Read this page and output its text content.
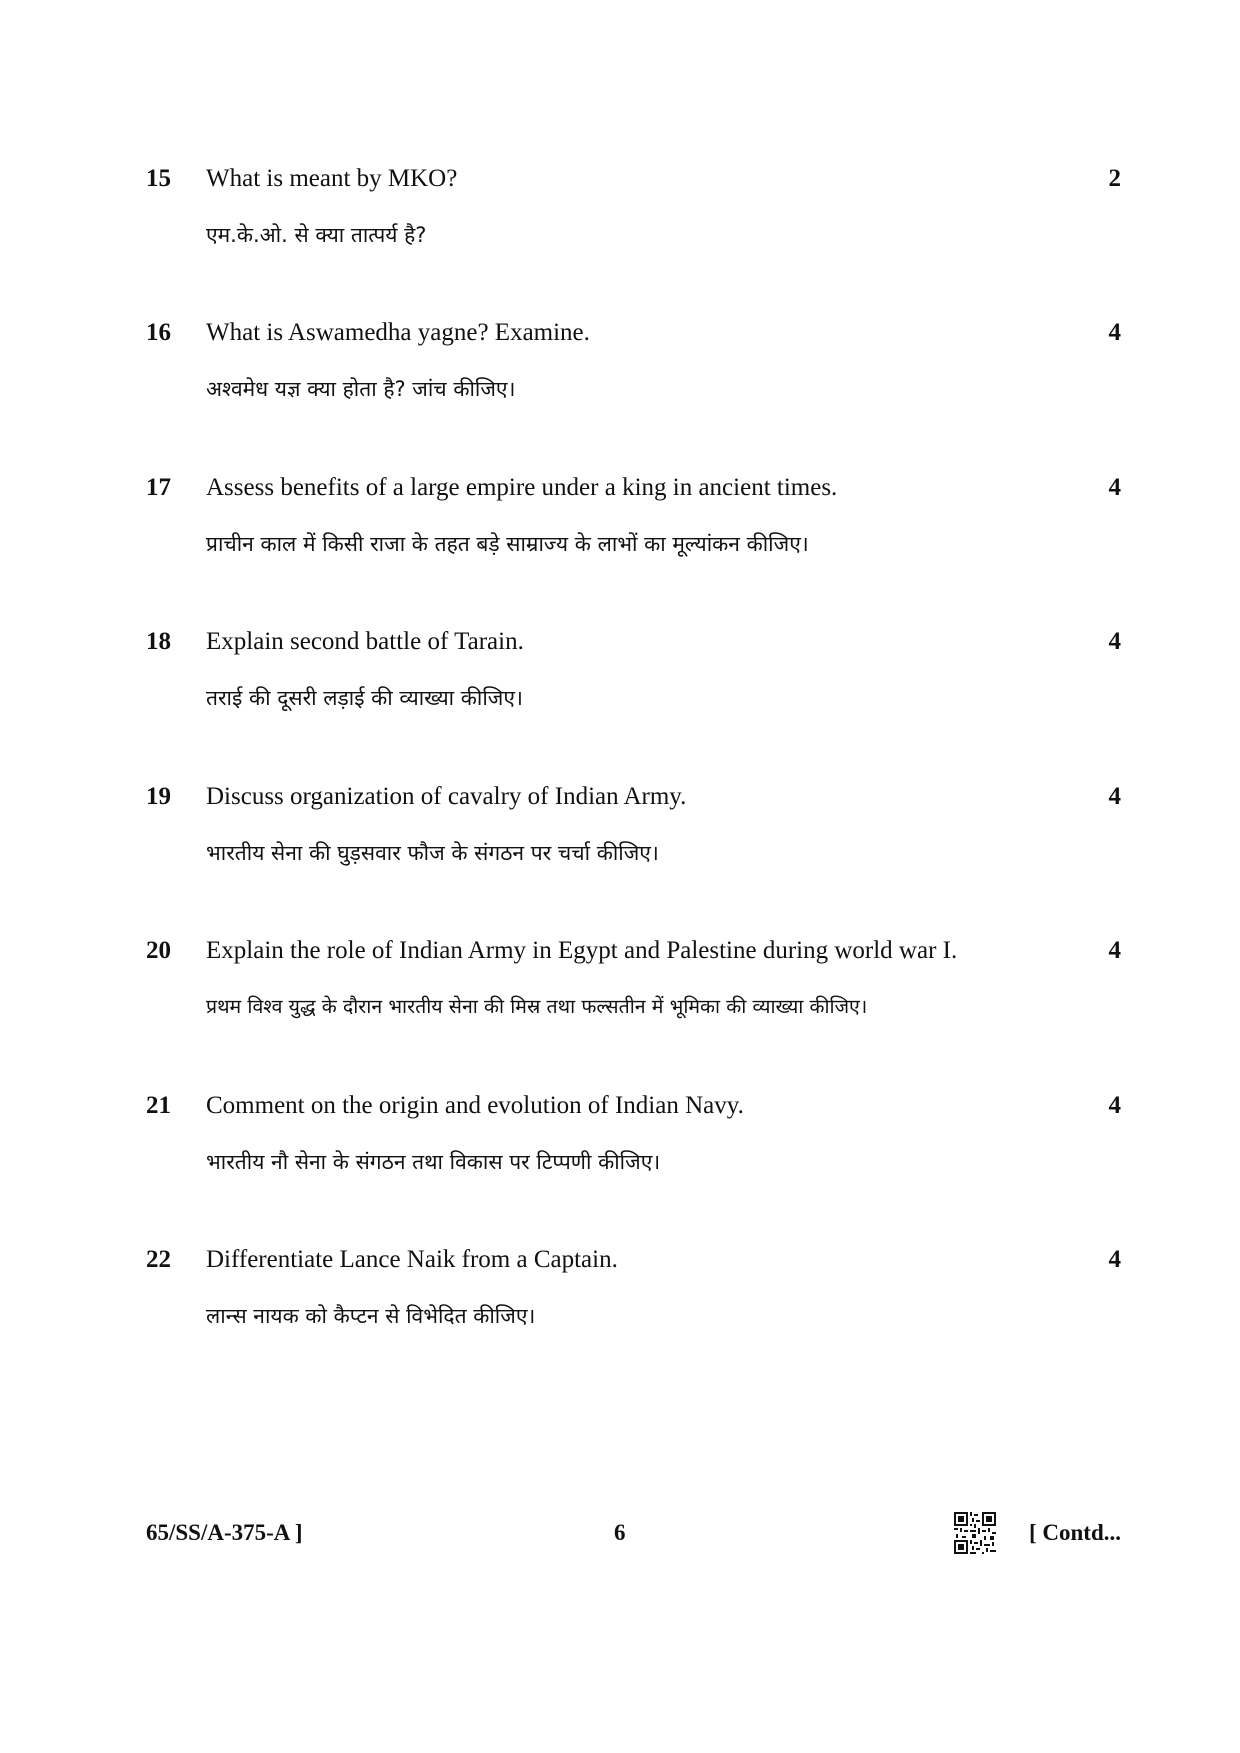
15 What is meant by MKO?
एम.के.ओ. से क्या तात्पर्य है?
2
16 What is Aswamedha yagne? Examine.
अश्वमेध यज्ञ क्या होता है? जांच कीजिए।
4
17 Assess benefits of a large empire under a king in ancient times.
प्राचीन काल में किसी राजा के तहत बड़े साम्राज्य के लाभों का मूल्यांकन कीजिए।
4
18 Explain second battle of Tarain.
तराई की दूसरी लड़ाई की व्याख्या कीजिए।
4
19 Discuss organization of cavalry of Indian Army.
भारतीय सेना की घुड़सवार फौज के संगठन पर चर्चा कीजिए।
4
20 Explain the role of Indian Army in Egypt and Palestine during world war I.
प्रथम विश्व युद्ध के दौरान भारतीय सेना की मिस्र तथा फल्सतीन में भूमिका की व्याख्या कीजिए।
4
21 Comment on the origin and evolution of Indian Navy.
भारतीय नौ सेना के संगठन तथा विकास पर टिप्पणी कीजिए।
4
22 Differentiate Lance Naik from a Captain.
लान्स नायक को कैप्टन से विभेदित कीजिए।
4
65/SS/A-375-A ]	6	[ Contd...
